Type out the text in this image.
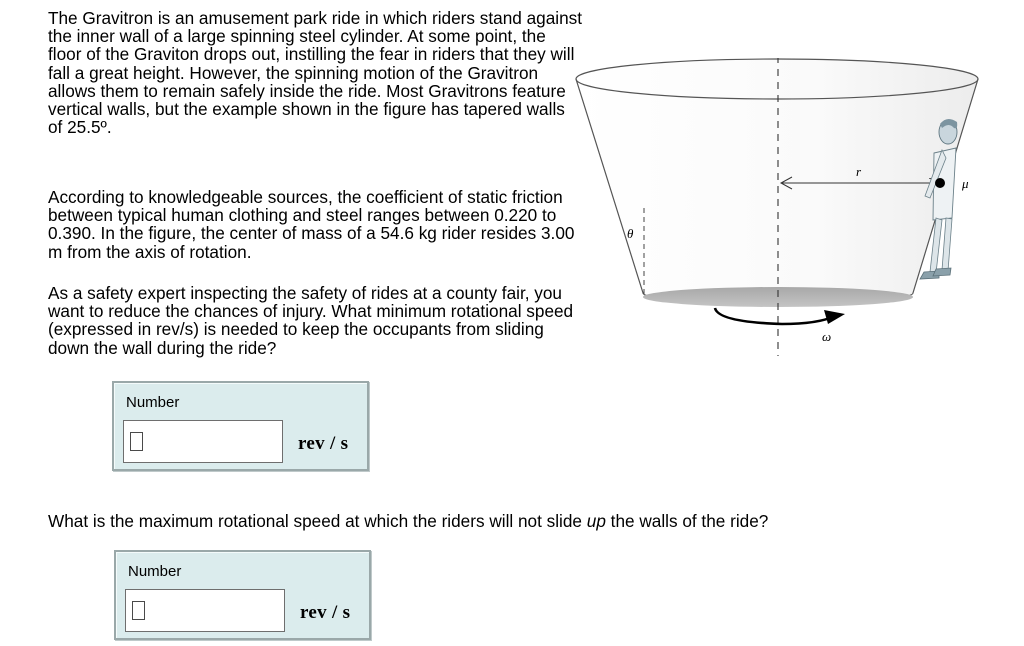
The Gravitron is an amusement park ride in which riders stand against the inner wall of a large spinning steel cylinder. At some point, the floor of the Graviton drops out, instilling the fear in riders that they will fall a great height. However, the spinning motion of the Gravitron allows them to remain safely inside the ride. Most Gravitrons feature vertical walls, but the example shown in the figure has tapered walls of 25.5º.

According to knowledgeable sources, the coefficient of static friction between typical human clothing and steel ranges between 0.220 to 0.390. In the figure, the center of mass of a 54.6 kg rider resides 3.00 m from the axis of rotation.

As a safety expert inspecting the safety of rides at a county fair, you want to reduce the chances of injury. What minimum rotational speed (expressed in rev/s) is needed to keep the occupants from sliding down the wall during the ride?

Number
rev / s
What is the maximum rotational speed at which the riders will not slide up the walls of the ride?
Number
rev / s
θ
r
μ
ω
